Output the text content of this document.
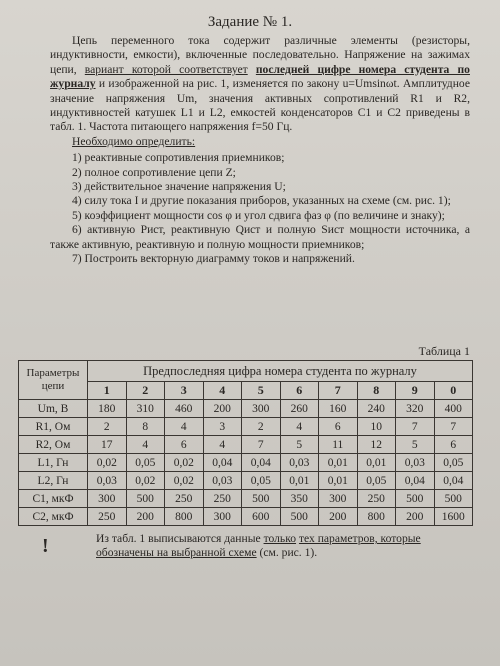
Задание № 1.

Цепь переменного тока содержит различные элементы (резисторы, индуктивности, емкости), включенные последовательно. Напряжение на зажимах цепи, вариант которой соответствует последней цифре номера студента по журналу и изображенной на рис. 1, изменяется по закону u=Umsinωt. Амплитудное значение напряжения Um, значения активных сопротивлений R1 и R2, индуктивностей катушек L1 и L2, емкостей конденсаторов C1 и C2 приведены в табл. 1. Частота питающего напряжения f=50 Гц.

Необходимо определить:

1) реактивные сопротивления приемников;

2) полное сопротивление цепи Z;

3) действительное значение напряжения U;

4) силу тока I и другие показания приборов, указанных на схеме (см. рис. 1);

5) коэффициент мощности cos φ и угол сдвига фаз φ (по величине и знаку);

6) активную Pист, реактивную Qист и полную Sист мощности источника, а также активную, реактивную и полную мощности приемников;

7) Построить векторную диаграмму токов и напряжений.

Таблица 1
Параметры цепи	Предпоследняя цифра номера студента по журналу									
	1	2	3	4	5	6	7	8	9	0
Um, В	180	310	460	200	300	260	160	240	320	400
R1, Ом	2	8	4	3	2	4	6	10	7	7
R2, Ом	17	4	6	4	7	5	11	12	5	6
L1, Гн	0,02	0,05	0,02	0,04	0,04	0,03	0,01	0,01	0,03	0,05
L2, Гн	0,03	0,02	0,02	0,03	0,05	0,01	0,01	0,05	0,04	0,04
C1, мкФ	300	500	250	250	500	350	300	250	500	500
C2, мкФ	250	200	800	300	600	500	200	800	200	1600
!	Из табл. 1 выписываются данные только тех параметров, которые обозначены на выбранной схеме (см. рис. 1).
